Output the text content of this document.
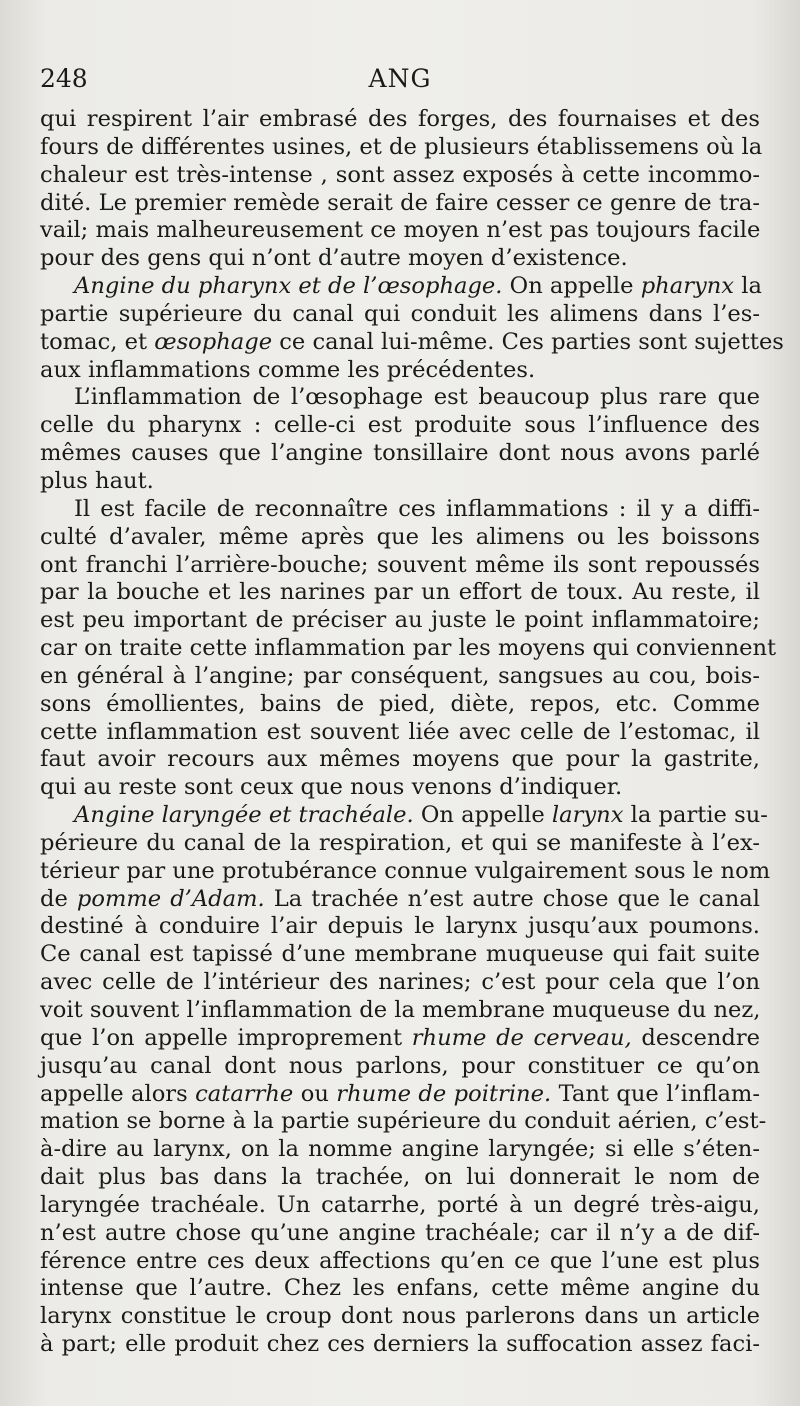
248	ANG
qui respirent l’air embrasé des forges, des fournaises et des
fours de différentes usines, et de plusieurs établissemens où la
chaleur est très-intense , sont assez exposés à cette incommo-
dité. Le premier remède serait de faire cesser ce genre de tra-
vail; mais malheureusement ce moyen n’est pas toujours facile
pour des gens qui n’ont d’autre moyen d’existence.
Angine du pharynx et de l’œsophage. On appelle pharynx la
partie supérieure du canal qui conduit les alimens dans l’es-
tomac, et œsophage ce canal lui-même. Ces parties sont sujettes
aux inflammations comme les précédentes.
L’inflammation de l’œsophage est beaucoup plus rare que
celle du pharynx : celle-ci est produite sous l’influence des
mêmes causes que l’angine tonsillaire dont nous avons parlé
plus haut.
Il est facile de reconnaître ces inflammations : il y a diffi-
culté d’avaler, même après que les alimens ou les boissons
ont franchi l’arrière-bouche; souvent même ils sont repoussés
par la bouche et les narines par un effort de toux. Au reste, il
est peu important de préciser au juste le point inflammatoire;
car on traite cette inflammation par les moyens qui conviennent
en général à l’angine; par conséquent, sangsues au cou, bois-
sons émollientes, bains de pied, diète, repos, etc. Comme
cette inflammation est souvent liée avec celle de l’estomac, il
faut avoir recours aux mêmes moyens que pour la gastrite,
qui au reste sont ceux que nous venons d’indiquer.
Angine laryngée et trachéale. On appelle larynx la partie su-
périeure du canal de la respiration, et qui se manifeste à l’ex-
térieur par une protubérance connue vulgairement sous le nom
de pomme d’Adam. La trachée n’est autre chose que le canal
destiné à conduire l’air depuis le larynx jusqu’aux poumons.
Ce canal est tapissé d’une membrane muqueuse qui fait suite
avec celle de l’intérieur des narines; c’est pour cela que l’on
voit souvent l’inflammation de la membrane muqueuse du nez,
que l’on appelle improprement rhume de cerveau, descendre
jusqu’au canal dont nous parlons, pour constituer ce qu’on
appelle alors catarrhe ou rhume de poitrine. Tant que l’inflam-
mation se borne à la partie supérieure du conduit aérien, c’est-
à-dire au larynx, on la nomme angine laryngée; si elle s’éten-
dait plus bas dans la trachée, on lui donnerait le nom de
laryngée trachéale. Un catarrhe, porté à un degré très-aigu,
n’est autre chose qu’une angine trachéale; car il n’y a de dif-
férence entre ces deux affections qu’en ce que l’une est plus
intense que l’autre. Chez les enfans, cette même angine du
larynx constitue le croup dont nous parlerons dans un article
à part; elle produit chez ces derniers la suffocation assez faci-
